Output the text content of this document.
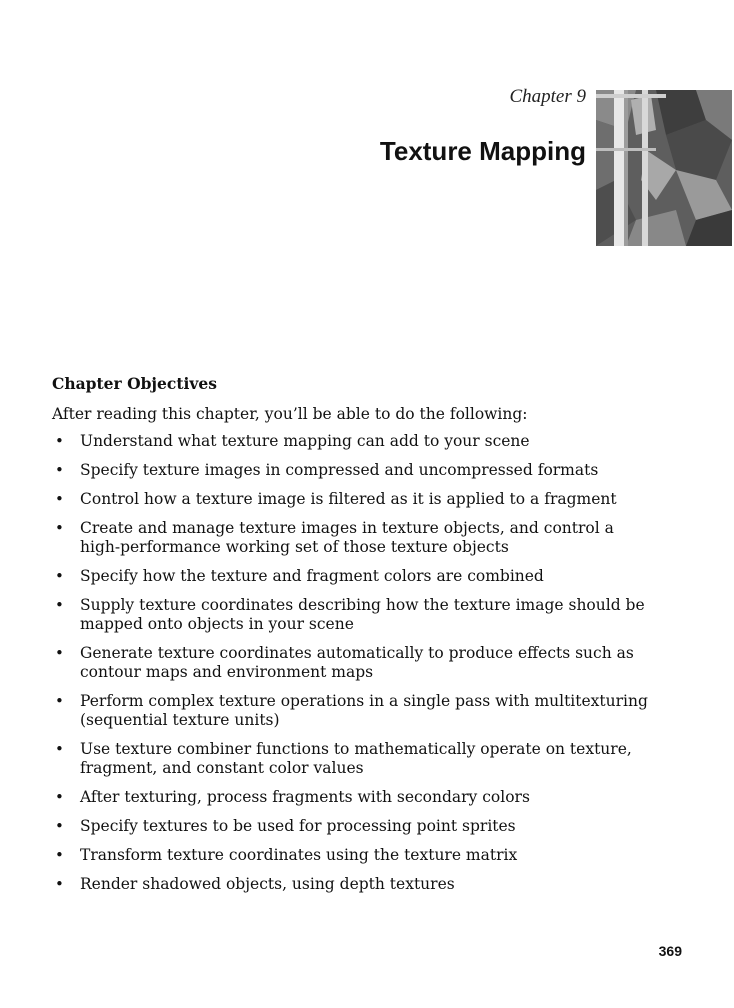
Chapter 9
Texture Mapping
Chapter Objectives

After reading this chapter, you’ll be able to do the following:

• Understand what texture mapping can add to your scene
• Specify texture images in compressed and uncompressed formats
• Control how a texture image is filtered as it is applied to a fragment
• Create and manage texture images in texture objects, and control a high-performance working set of those texture objects
• Specify how the texture and fragment colors are combined
• Supply texture coordinates describing how the texture image should be mapped onto objects in your scene
• Generate texture coordinates automatically to produce effects such as contour maps and environment maps
• Perform complex texture operations in a single pass with multitexturing (sequential texture units)
• Use texture combiner functions to mathematically operate on texture, fragment, and constant color values
• After texturing, process fragments with secondary colors
• Specify textures to be used for processing point sprites
• Transform texture coordinates using the texture matrix
• Render shadowed objects, using depth textures
369
